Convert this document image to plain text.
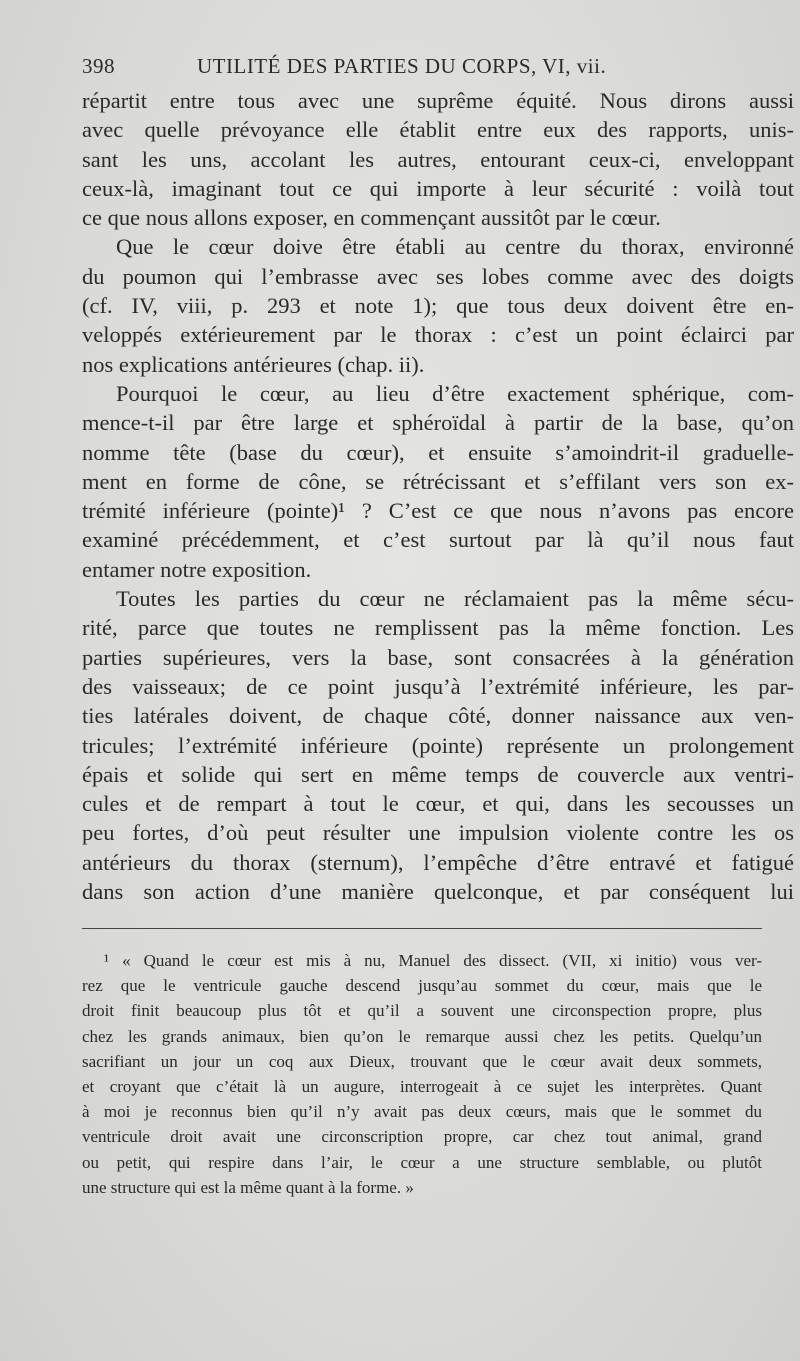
398	UTILITÉ DES PARTIES DU CORPS, VI, vii.
répartit entre tous avec une suprême équité. Nous dirons aussi
avec quelle prévoyance elle établit entre eux des rapports, unis-
sant les uns, accolant les autres, entourant ceux-ci, enveloppant
ceux-là, imaginant tout ce qui importe à leur sécurité : voilà tout
ce que nous allons exposer, en commençant aussitôt par le cœur.
Que le cœur doive être établi au centre du thorax, environné
du poumon qui l’embrasse avec ses lobes comme avec des doigts
(cf. IV, viii, p. 293 et note 1); que tous deux doivent être en-
veloppés extérieurement par le thorax : c’est un point éclairci par
nos explications antérieures (chap. ii).
Pourquoi le cœur, au lieu d’être exactement sphérique, com-
mence-t-il par être large et sphéroïdal à partir de la base, qu’on
nomme tête (base du cœur), et ensuite s’amoindrit-il graduelle-
ment en forme de cône, se rétrécissant et s’effilant vers son ex-
trémité inférieure (pointe)¹ ? C’est ce que nous n’avons pas encore
examiné précédemment, et c’est surtout par là qu’il nous faut
entamer notre exposition.
Toutes les parties du cœur ne réclamaient pas la même sécu-
rité, parce que toutes ne remplissent pas la même fonction. Les
parties supérieures, vers la base, sont consacrées à la génération
des vaisseaux; de ce point jusqu’à l’extrémité inférieure, les par-
ties latérales doivent, de chaque côté, donner naissance aux ven-
tricules; l’extrémité inférieure (pointe) représente un prolongement
épais et solide qui sert en même temps de couvercle aux ventri-
cules et de rempart à tout le cœur, et qui, dans les secousses un
peu fortes, d’où peut résulter une impulsion violente contre les os
antérieurs du thorax (sternum), l’empêche d’être entravé et fatigué
dans son action d’une manière quelconque, et par conséquent lui
¹ « Quand le cœur est mis à nu, Manuel des dissect. (VII, xi initio) vous ver-
rez que le ventricule gauche descend jusqu’au sommet du cœur, mais que le
droit finit beaucoup plus tôt et qu’il a souvent une circonspection propre, plus
chez les grands animaux, bien qu’on le remarque aussi chez les petits. Quelqu’un
sacrifiant un jour un coq aux Dieux, trouvant que le cœur avait deux sommets,
et croyant que c’était là un augure, interrogeait à ce sujet les interprètes. Quant
à moi je reconnus bien qu’il n’y avait pas deux cœurs, mais que le sommet du
ventricule droit avait une circonscription propre, car chez tout animal, grand
ou petit, qui respire dans l’air, le cœur a une structure semblable, ou plutôt
une structure qui est la même quant à la forme. »
